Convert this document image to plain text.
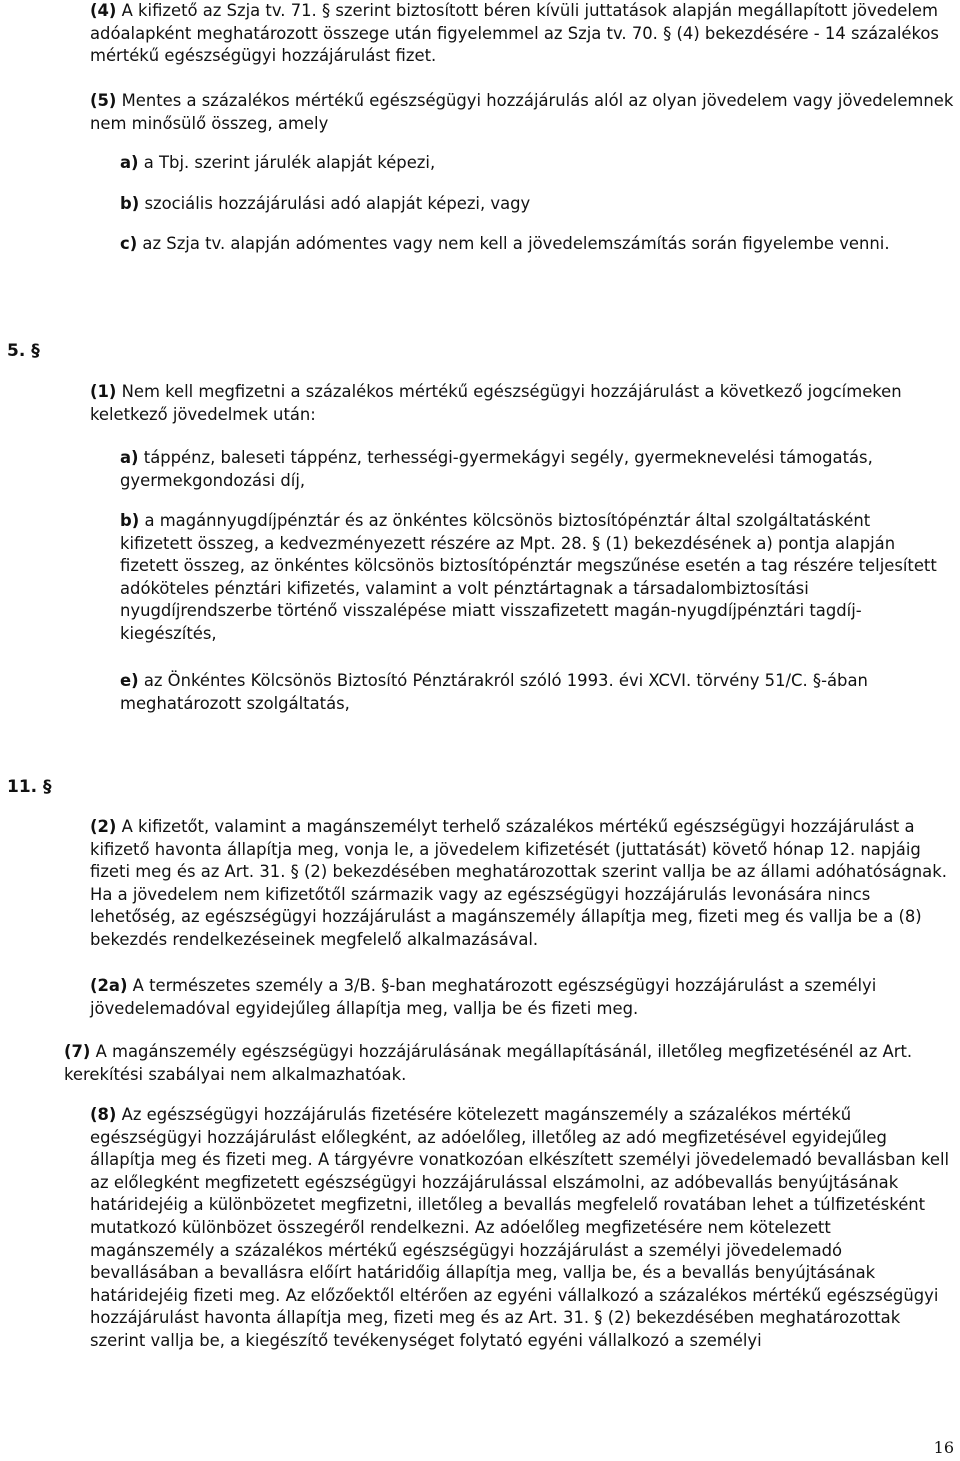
(4) A kifizető az Szja tv. 71. § szerint biztosított béren kívüli juttatások alapján megállapított jövedelem adóalapként meghatározott összege után figyelemmel az Szja tv. 70. § (4) bekezdésére - 14 százalékos mértékű egészségügyi hozzájárulást fizet.

(5) Mentes a százalékos mértékű egészségügyi hozzájárulás alól az olyan jövedelem vagy jövedelemnek nem minősülő összeg, amely

a) a Tbj. szerint járulék alapját képezi,
b) szociális hozzájárulási adó alapját képezi, vagy
c) az Szja tv. alapján adómentes vagy nem kell a jövedelemszámítás során figyelembe venni.
5. §

(1) Nem kell megfizetni a százalékos mértékű egészségügyi hozzájárulást a következő jogcímeken keletkező jövedelmek után:

a) táppénz, baleseti táppénz, terhességi-gyermekágyi segély, gyermeknevelési támogatás, gyermekgondozási díj,
b) a magánnyugdíjpénztár és az önkéntes kölcsönös biztosítópénztár által szolgáltatásként kifizetett összeg, a kedvezményezett részére az Mpt. 28. § (1) bekezdésének a) pontja alapján fizetett összeg, az önkéntes kölcsönös biztosítópénztár megszűnése esetén a tag részére teljesített adóköteles pénztári kifizetés, valamint a volt pénztártagnak a társadalombiztosítási nyugdíjrendszerbe történő visszalépése miatt visszafizetett magán-nyugdíjpénztári tagdíj-kiegészítés,
e) az Önkéntes Kölcsönös Biztosító Pénztárakról szóló 1993. évi XCVI. törvény 51/C. §-ában meghatározott szolgáltatás,
11. §

(2) A kifizetőt, valamint a magánszemélyt terhelő százalékos mértékű egészségügyi hozzájárulást a kifizető havonta állapítja meg, vonja le, a jövedelem kifizetését (juttatását) követő hónap 12. napjáig fizeti meg és az Art. 31. § (2) bekezdésében meghatározottak szerint vallja be az állami adóhatóságnak. Ha a jövedelem nem kifizetőtől származik vagy az egészségügyi hozzájárulás levonására nincs lehetőség, az egészségügyi hozzájárulást a magánszemély állapítja meg, fizeti meg és vallja be a (8) bekezdés rendelkezéseinek megfelelő alkalmazásával.

(2a) A természetes személy a 3/B. §-ban meghatározott egészségügyi hozzájárulást a személyi jövedelemadóval egyidejűleg állapítja meg, vallja be és fizeti meg.

(7) A magánszemély egészségügyi hozzájárulásának megállapításánál, illetőleg megfizetésénél az Art. kerekítési szabályai nem alkalmazhatóak.

(8) Az egészségügyi hozzájárulás fizetésére kötelezett magánszemély a százalékos mértékű egészségügyi hozzájárulást előlegként, az adóelőleg, illetőleg az adó megfizetésével egyidejűleg állapítja meg és fizeti meg. A tárgyévre vonatkozóan elkészített személyi jövedelemadó bevallásban kell az előlegként megfizetett egészségügyi hozzájárulással elszámolni, az adóbevallás benyújtásának határidejéig a különbözetet megfizetni, illetőleg a bevallás megfelelő rovatában lehet a túlfizetésként mutatkozó különbözet összegéről rendelkezni. Az adóelőleg megfizetésére nem kötelezett magánszemély a százalékos mértékű egészségügyi hozzájárulást a személyi jövedelemadó bevallásában a bevallásra előírt határidőig állapítja meg, vallja be, és a bevallás benyújtásának határidejéig fizeti meg. Az előzőektől eltérően az egyéni vállalkozó a százalékos mértékű egészségügyi hozzájárulást havonta állapítja meg, fizeti meg és az Art. 31. § (2) bekezdésében meghatározottak szerint vallja be, a kiegészítő tevékenységet folytató egyéni vállalkozó a személyi

16
